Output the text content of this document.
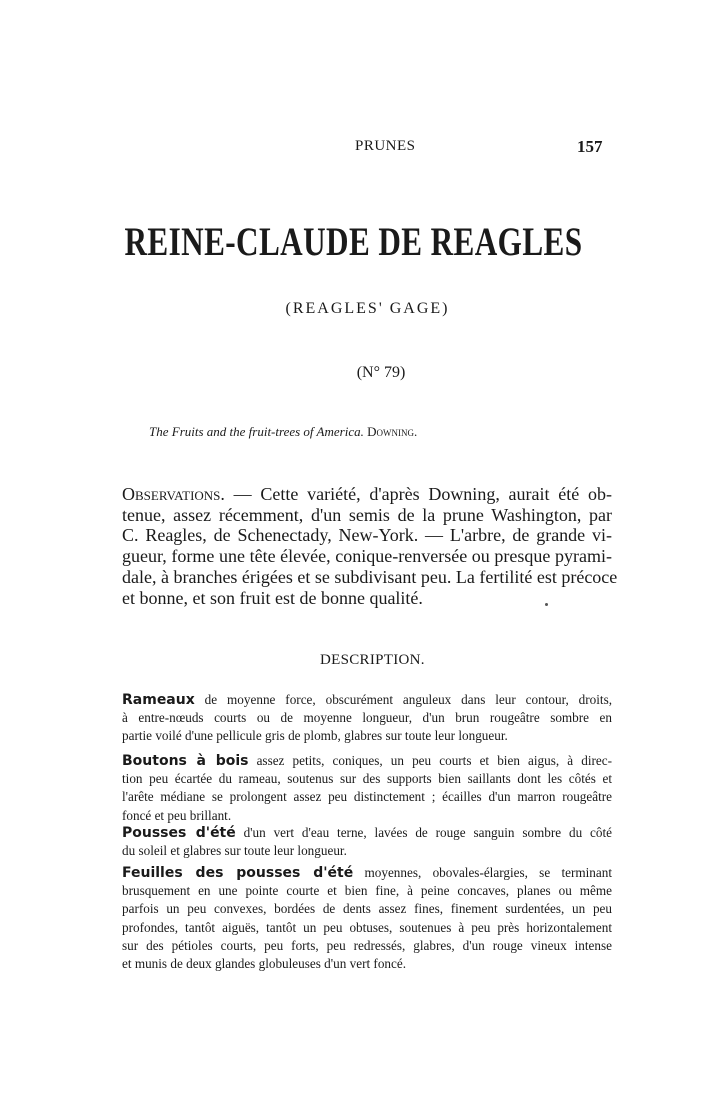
PRUNES	157
REINE-CLAUDE DE REAGLES
(REAGLES' GAGE)
(N° 79)
The Fruits and the fruit-trees of America. Downing.
Observations. — Cette variété, d'après Downing, aurait été ob-
tenue, assez récemment, d'un semis de la prune Washington, par
C. Reagles, de Schenectady, New-York. — L'arbre, de grande vi-
gueur, forme une tête élevée, conique-renversée ou presque pyrami-
dale, à branches érigées et se subdivisant peu. La fertilité est précoce
et bonne, et son fruit est de bonne qualité.
DESCRIPTION.
Rameaux de moyenne force, obscurément anguleux dans leur contour, droits,
à entre-nœuds courts ou de moyenne longueur, d'un brun rougeâtre sombre en
partie voilé d'une pellicule gris de plomb, glabres sur toute leur longueur.
Boutons à bois assez petits, coniques, un peu courts et bien aigus, à direc-
tion peu écartée du rameau, soutenus sur des supports bien saillants dont les côtés et
l'arête médiane se prolongent assez peu distinctement ; écailles d'un marron rougeâtre
foncé et peu brillant.
Pousses d'été d'un vert d'eau terne, lavées de rouge sanguin sombre du côté
du soleil et glabres sur toute leur longueur.
Feuilles des pousses d'été moyennes, obovales-élargies, se terminant
brusquement en une pointe courte et bien fine, à peine concaves, planes ou même
parfois un peu convexes, bordées de dents assez fines, finement surdentées, un peu
profondes, tantôt aiguës, tantôt un peu obtuses, soutenues à peu près horizontalement
sur des pétioles courts, peu forts, peu redressés, glabres, d'un rouge vineux intense
et munis de deux glandes globuleuses d'un vert foncé.
